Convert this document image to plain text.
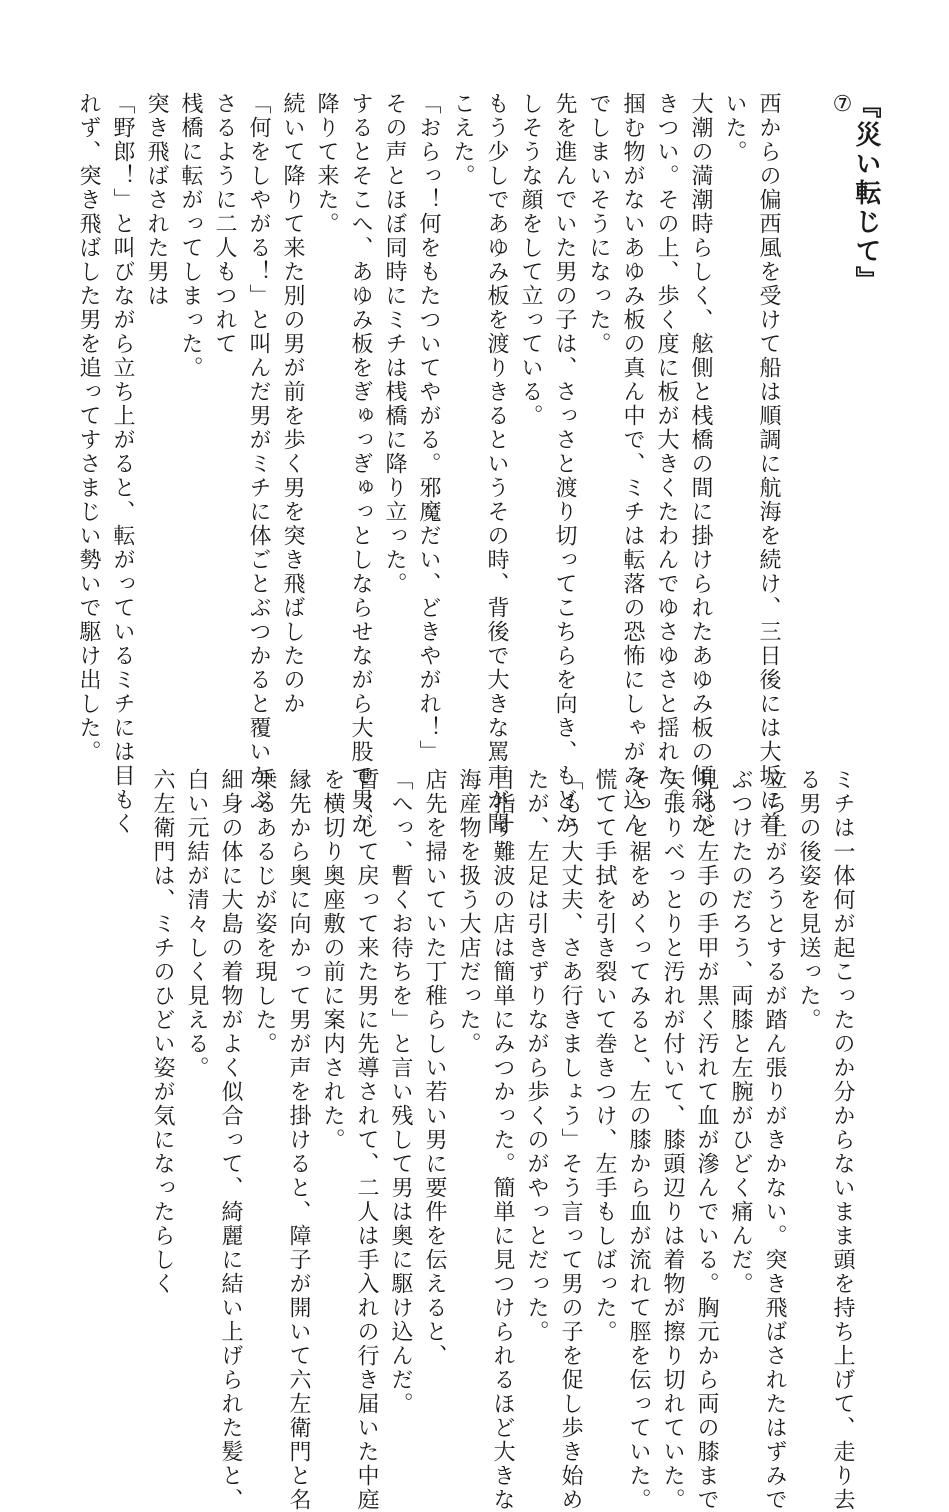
⑦
西からの偏西風を受けて船は順調に航海を続け、三日後には大坂に着
いた。
大潮の満潮時らしく、舷側と桟橋の間に掛けられたあゆみ板の傾斜が
きつい。その上、歩く度に板が大きくたわんでゆさゆさと揺れた。
掴む物がないあゆみ板の真ん中で、ミチは転落の恐怖にしゃがみ込ん
でしまいそうになった。
先を進んでいた男の子は、さっさと渡り切ってこちらを向き、もどか
しそうな顔をして立っている。
もう少しであゆみ板を渡りきるというその時、背後で大きな罵声が聞
こえた。
「おらっ！何をもたついてやがる。邪魔だい、どきやがれ！」
その声とほぼ同時にミチは桟橋に降り立った。
するとそこへ、あゆみ板をぎゅっぎゅっとしならせながら大股で男が
降りて来た。
続いて降りて来た別の男が前を歩く男を突き飛ばしたのか
「何をしやがる！」と叫んだ男がミチに体ごとぶつかると覆いかぶ
さるように二人もつれて
桟橋に転がってしまった。
突き飛ばされた男は
「野郎！」と叫びながら立ち上がると、転がっているミチには目もく
れず、突き飛ばした男を追ってすさまじい勢いで駆け出した。	『災い転じて』
ミチは一体何が起こったのか分からないまま頭を持ち上げて、走り去
る男の後姿を見送った。
立ち上がろうとするが踏ん張りがきかない。突き飛ばされたはずみで
ぶつけたのだろう、両膝と左腕がひどく痛んだ。
見ると左手の手甲が黒く汚れて血が滲んでいる。胸元から両の膝まで
矢張りべっとりと汚れが付いて、膝頭辺りは着物が擦り切れていた。
そっと裾をめくってみると、左の膝から血が流れて脛を伝っていた。
慌てて手拭を引き裂いて巻きつけ、左手もしばった。
「もう大丈夫、さあ行きましょう」そう言って男の子を促し歩き始め
たが、左足は引きずりながら歩くのがやっとだった。
目指す難波の店は簡単にみつかった。簡単に見つけられるほど大きな
海産物を扱う大店だった。
店先を掃いていた丁稚らしい若い男に要件を伝えると、
「へっ、暫くお待ちを」と言い残して男は奥に駆け込んだ。
暫くして戻って来た男に先導されて、二人は手入れの行き届いた中庭
を横切り奥座敷の前に案内された。
縁先から奥に向かって男が声を掛けると、障子が開いて六左衛門と名
乗るあるじが姿を現した。
細身の体に大島の着物がよく似合って、綺麗に結い上げられた髪と、
白い元結が清々しく見える。
六左衛門は、ミチのひどい姿が気になったらしく
